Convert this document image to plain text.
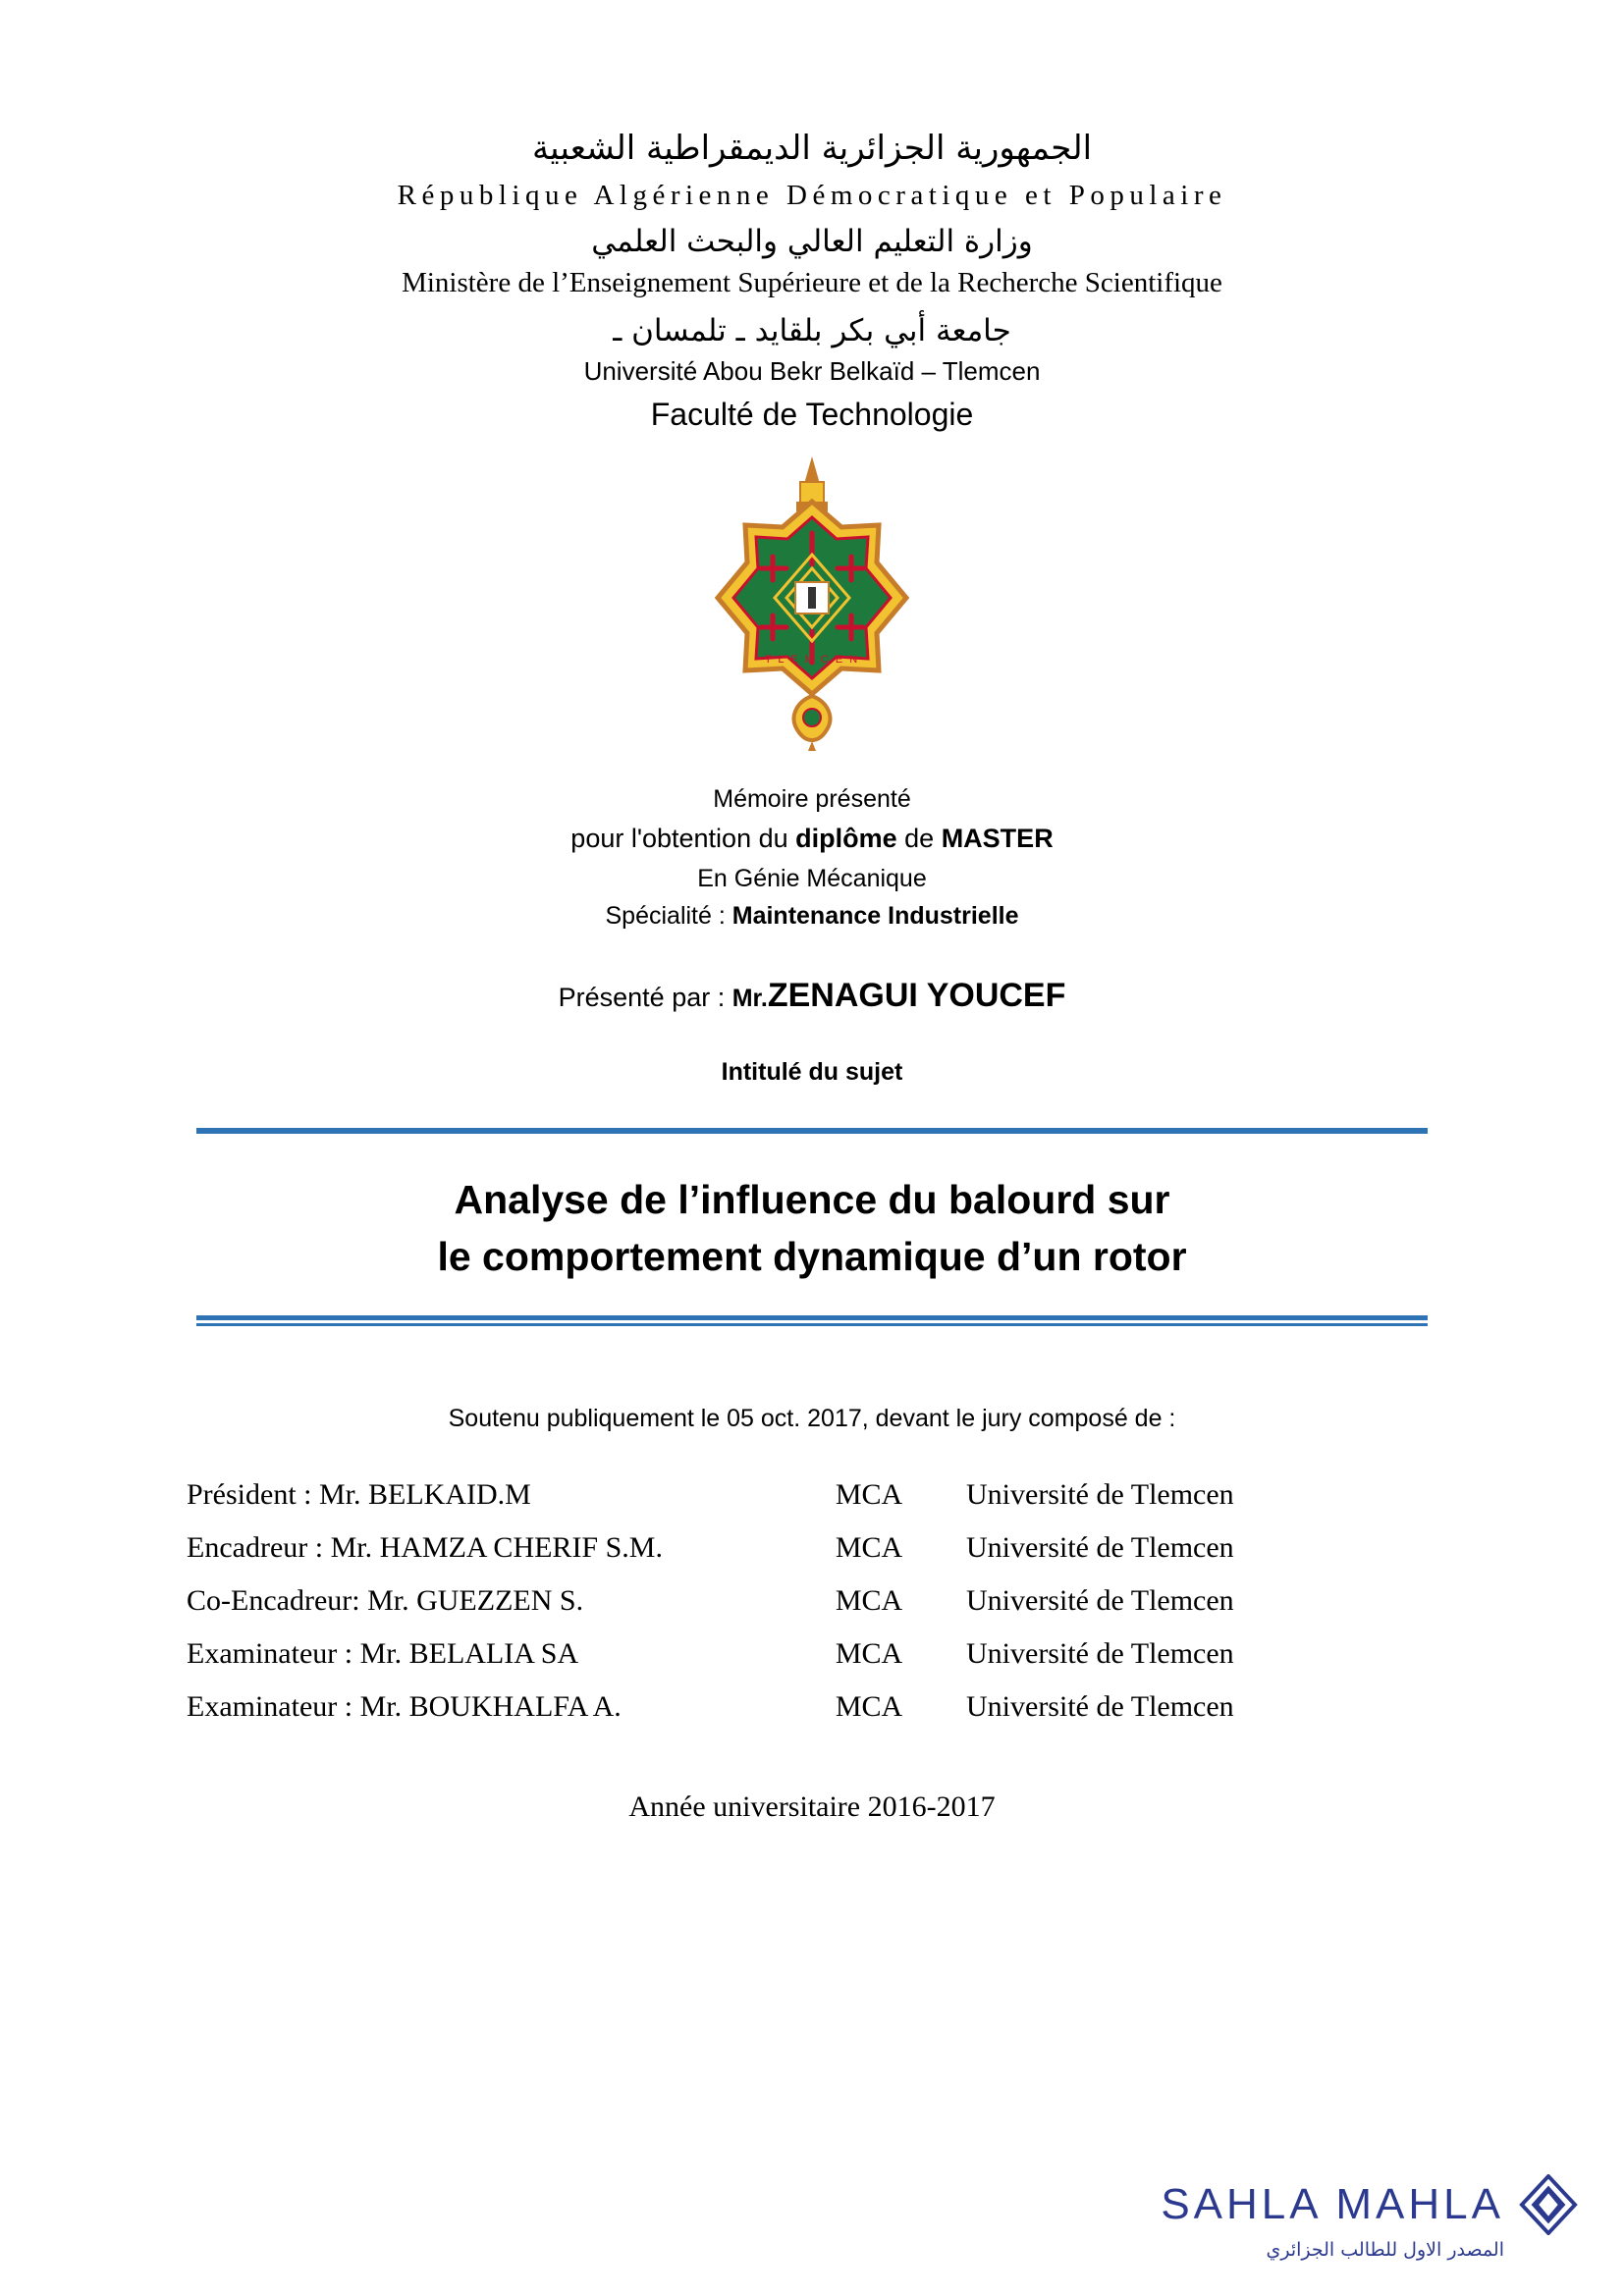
الجمهورية الجزائرية الديمقراطية الشعبية
République Algérienne Démocratique et Populaire
وزارة التعليم العالي والبحث العلمي
Ministère de l’Enseignement Supérieure et de la Recherche Scientifique
جامعة أبي بكر بلقايد ـ تلمسان ـ
Université Abou Bekr Belkaïd – Tlemcen
Faculté de Technologie
T L E M C E N
Mémoire présenté
pour l'obtention du diplôme de MASTER
En Génie Mécanique
Spécialité : Maintenance Industrielle
Présenté par : Mr.ZENAGUI YOUCEF
Intitulé du sujet
Analyse de l’influence du balourd sur
le comportement dynamique d’un rotor
Soutenu publiquement le 05 oct. 2017, devant le jury composé de :
Président : Mr. BELKAID.M	MCA	Université de Tlemcen
Encadreur : Mr. HAMZA CHERIF S.M.	MCA	Université de Tlemcen
Co-Encadreur: Mr. GUEZZEN S.	MCA	Université de Tlemcen
Examinateur : Mr. BELALIA SA	MCA	Université de Tlemcen
Examinateur : Mr. BOUKHALFA A.	MCA	Université de Tlemcen
Année universitaire 2016-2017
SAHLA MAHLA
المصدر الاول للطالب الجزائري
